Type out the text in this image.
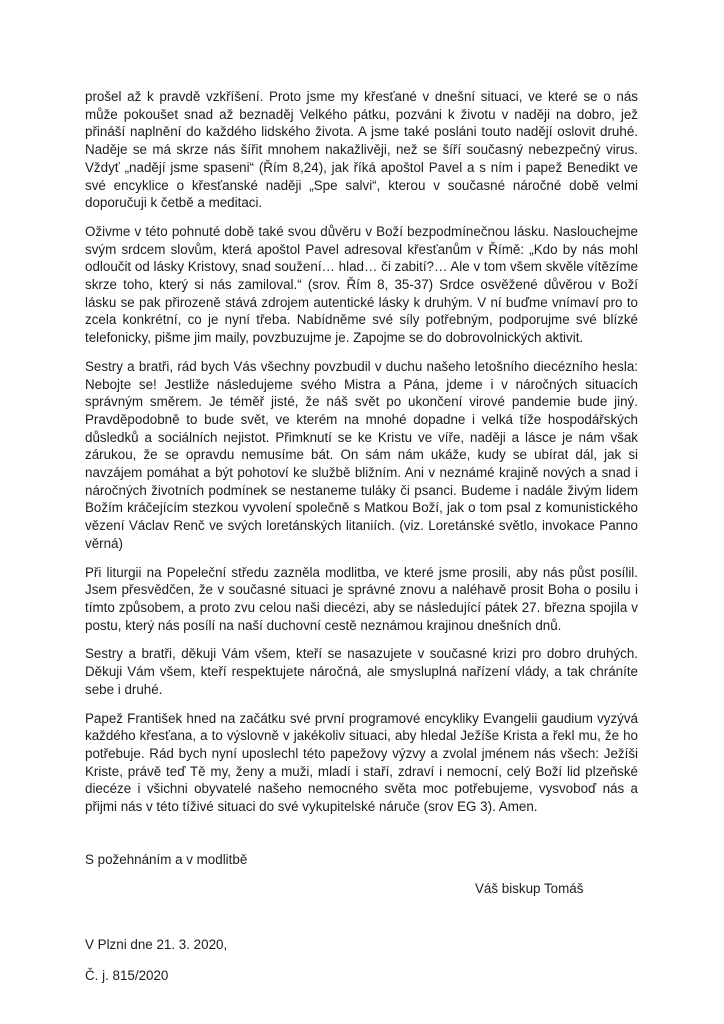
prošel až k pravdě vzkříšení. Proto jsme my křesťané v dnešní situaci, ve které se o nás může pokoušet snad až beznaděj Velkého pátku, pozváni k životu v naději na dobro, jež přináší naplnění do každého lidského života. A jsme také posláni touto nadějí oslovit druhé. Naděje se má skrze nás šířit mnohem nakažlivěji, než se šíří současný nebezpečný virus. Vždyť „nadějí jsme spaseni“ (Řím 8,24), jak říká apoštol Pavel a s ním i papež Benedikt ve své encyklice o křesťanské naději „Spe salvi“, kterou v současné náročné době velmi doporučuji k četbě a meditaci.

Oživme v této pohnuté době také svou důvěru v Boží bezpodmínečnou lásku. Naslouchejme svým srdcem slovům, která apoštol Pavel adresoval křesťanům v Římě: „Kdo by nás mohl odloučit od lásky Kristovy, snad soužení… hlad… či zabití?… Ale v tom všem skvěle vítězíme skrze toho, který si nás zamiloval.“ (srov. Řím 8, 35-37) Srdce osvěžené důvěrou v Boží lásku se pak přirozeně stává zdrojem autentické lásky k druhým. V ní buďme vnímaví pro to zcela konkrétní, co je nyní třeba. Nabídněme své síly potřebným, podporujme své blízké telefonicky, pišme jim maily, povzbuzujme je. Zapojme se do dobrovolnických aktivit.

Sestry a bratři, rád bych Vás všechny povzbudil v duchu našeho letošního diecézního hesla: Nebojte se! Jestliže následujeme svého Mistra a Pána, jdeme i v náročných situacích správným směrem. Je téměř jisté, že náš svět po ukončení virové pandemie bude jiný. Pravděpodobně to bude svět, ve kterém na mnohé dopadne i velká tíže hospodářských důsledků a sociálních nejistot. Přimknutí se ke Kristu ve víře, naději a lásce je nám však zárukou, že se opravdu nemusíme bát. On sám nám ukáže, kudy se ubírat dál, jak si navzájem pomáhat a být pohotoví ke službě bližním. Ani v neznámé krajině nových a snad i náročných životních podmínek se nestaneme tuláky či psanci. Budeme i nadále živým lidem Božím kráčejícím stezkou vyvolení společně s Matkou Boží, jak o tom psal z komunistického vězení Václav Renč ve svých loretánských litaniích. (viz. Loretánské světlo, invokace Panno věrná)

Při liturgii na Popeleční středu zazněla modlitba, ve které jsme prosili, aby nás půst posílil. Jsem přesvědčen, že v současné situaci je správné znovu a naléhavě prosit Boha o posilu i tímto způsobem, a proto zvu celou naši diecézi, aby se následující pátek 27. března spojila v postu, který nás posílí na naší duchovní cestě neznámou krajinou dnešních dnů.

Sestry a bratři, děkuji Vám všem, kteří se nasazujete v současné krizi pro dobro druhých. Děkuji Vám všem, kteří respektujete náročná, ale smysluplná nařízení vlády, a tak chráníte sebe i druhé.

Papež František hned na začátku své první programové encykliky Evangelii gaudium vyzývá každého křesťana, a to výslovně v jakékoliv situaci, aby hledal Ježíše Krista a řekl mu, že ho potřebuje. Rád bych nyní uposlechl této papežovy výzvy a zvolal jménem nás všech: Ježíši Kriste, právě teď Tě my, ženy a muži, mladí i staří, zdraví i nemocní, celý Boží lid plzeňské diecéze i všichni obyvatelé našeho nemocného světa moc potřebujeme, vysvoboď nás a přijmi nás v této tíživé situaci do své vykupitelské náruče (srov EG 3). Amen.

S požehnáním a v modlitbě

Váš biskup Tomáš

V Plzni dne 21. 3. 2020,

Č. j. 815/2020
